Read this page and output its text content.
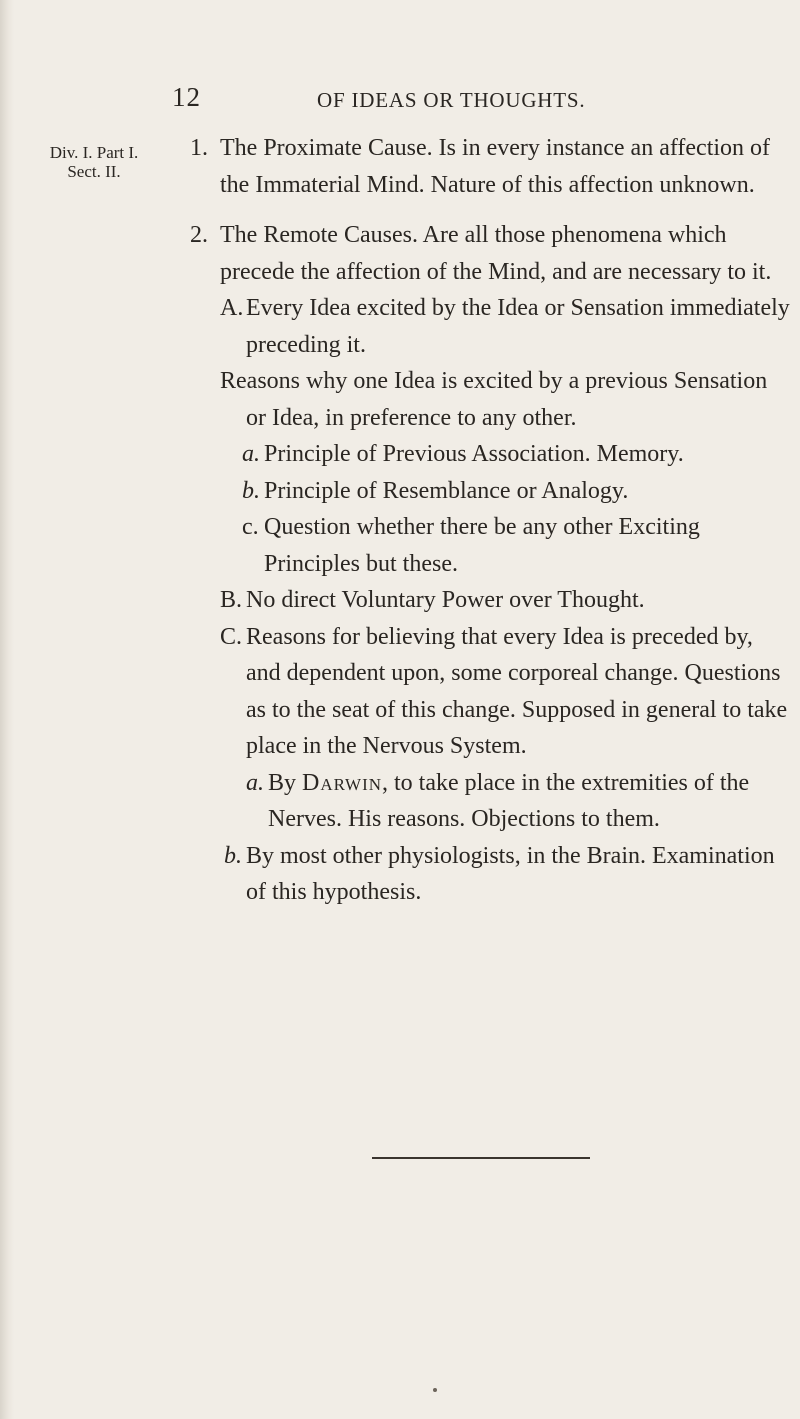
12	OF IDEAS OR THOUGHTS.
Div. I. Part I.
Sect. II.

1. The Proximate Cause. Is in every instance an affection of the Immaterial Mind. Nature of this affection unknown.

2. The Remote Causes. Are all those phenomena which precede the affection of the Mind, and are necessary to it.

A. Every Idea excited by the Idea or Sensation immediately preceding it.

Reasons why one Idea is excited by a previous Sensation or Idea, in preference to any other.

a. Principle of Previous Association. Memory.

b. Principle of Resemblance or Analogy.

c. Question whether there be any other Exciting Principles but these.

B. No direct Voluntary Power over Thought.

C. Reasons for believing that every Idea is preceded by, and dependent upon, some corporeal change. Questions as to the seat of this change. Supposed in general to take place in the Nervous System.

a. By Darwin, to take place in the extremities of the Nerves. His reasons. Objections to them.

b. By most other physiologists, in the Brain. Examination of this hypothesis.
